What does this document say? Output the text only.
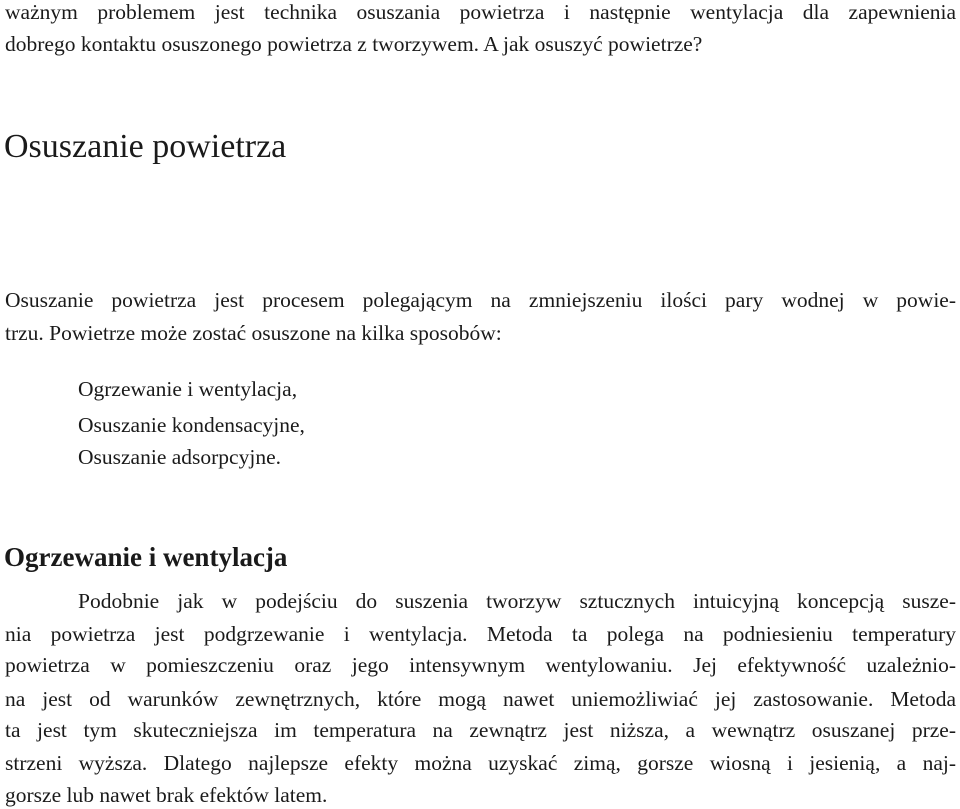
ważnym problemem jest technika osuszania powietrza i następnie wentylacja dla zapewnienia
dobrego kontaktu osuszonego powietrza z tworzywem. A jak osuszyć powietrze?
Osuszanie powietrza
Osuszanie powietrza jest procesem polegającym na zmniejszeniu ilości pary wodnej w powie-
trzu. Powietrze może zostać osuszone na kilka sposobów:
Ogrzewanie i wentylacja,
Osuszanie kondensacyjne,
Osuszanie adsorpcyjne.
Ogrzewanie i wentylacja
Podobnie jak w podejściu do suszenia tworzyw sztucznych intuicyjną koncepcją susze-
nia powietrza jest podgrzewanie i wentylacja. Metoda ta polega na podniesieniu temperatury
powietrza w pomieszczeniu oraz jego intensywnym wentylowaniu. Jej efektywność uzależnio-
na jest od warunków zewnętrznych, które mogą nawet uniemożliwiać jej zastosowanie. Metoda
ta jest tym skuteczniejsza im temperatura na zewnątrz jest niższa, a wewnątrz osuszanej prze-
strzeni wyższa. Dlatego najlepsze efekty można uzyskać zimą, gorsze wiosną i jesienią, a naj-
gorsze lub nawet brak efektów latem.
